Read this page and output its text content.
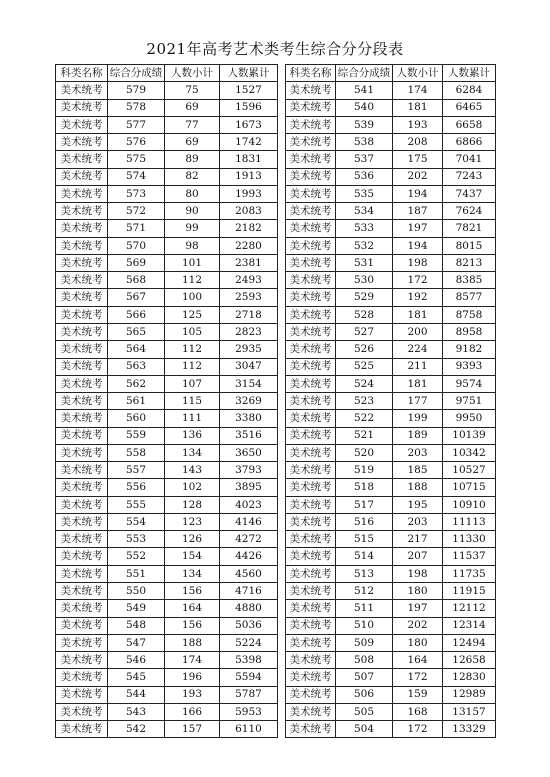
2021年高考艺术类考生综合分分段表
科类名称	综合分成绩	人数小计	人数累计
美术统考	579	75	1527
美术统考	578	69	1596
美术统考	577	77	1673
美术统考	576	69	1742
美术统考	575	89	1831
美术统考	574	82	1913
美术统考	573	80	1993
美术统考	572	90	2083
美术统考	571	99	2182
美术统考	570	98	2280
美术统考	569	101	2381
美术统考	568	112	2493
美术统考	567	100	2593
美术统考	566	125	2718
美术统考	565	105	2823
美术统考	564	112	2935
美术统考	563	112	3047
美术统考	562	107	3154
美术统考	561	115	3269
美术统考	560	111	3380
美术统考	559	136	3516
美术统考	558	134	3650
美术统考	557	143	3793
美术统考	556	102	3895
美术统考	555	128	4023
美术统考	554	123	4146
美术统考	553	126	4272
美术统考	552	154	4426
美术统考	551	134	4560
美术统考	550	156	4716
美术统考	549	164	4880
美术统考	548	156	5036
美术统考	547	188	5224
美术统考	546	174	5398
美术统考	545	196	5594
美术统考	544	193	5787
美术统考	543	166	5953
美术统考	542	157	6110
科类名称	综合分成绩	人数小计	人数累计
美术统考	541	174	6284
美术统考	540	181	6465
美术统考	539	193	6658
美术统考	538	208	6866
美术统考	537	175	7041
美术统考	536	202	7243
美术统考	535	194	7437
美术统考	534	187	7624
美术统考	533	197	7821
美术统考	532	194	8015
美术统考	531	198	8213
美术统考	530	172	8385
美术统考	529	192	8577
美术统考	528	181	8758
美术统考	527	200	8958
美术统考	526	224	9182
美术统考	525	211	9393
美术统考	524	181	9574
美术统考	523	177	9751
美术统考	522	199	9950
美术统考	521	189	10139
美术统考	520	203	10342
美术统考	519	185	10527
美术统考	518	188	10715
美术统考	517	195	10910
美术统考	516	203	11113
美术统考	515	217	11330
美术统考	514	207	11537
美术统考	513	198	11735
美术统考	512	180	11915
美术统考	511	197	12112
美术统考	510	202	12314
美术统考	509	180	12494
美术统考	508	164	12658
美术统考	507	172	12830
美术统考	506	159	12989
美术统考	505	168	13157
美术统考	504	172	13329
